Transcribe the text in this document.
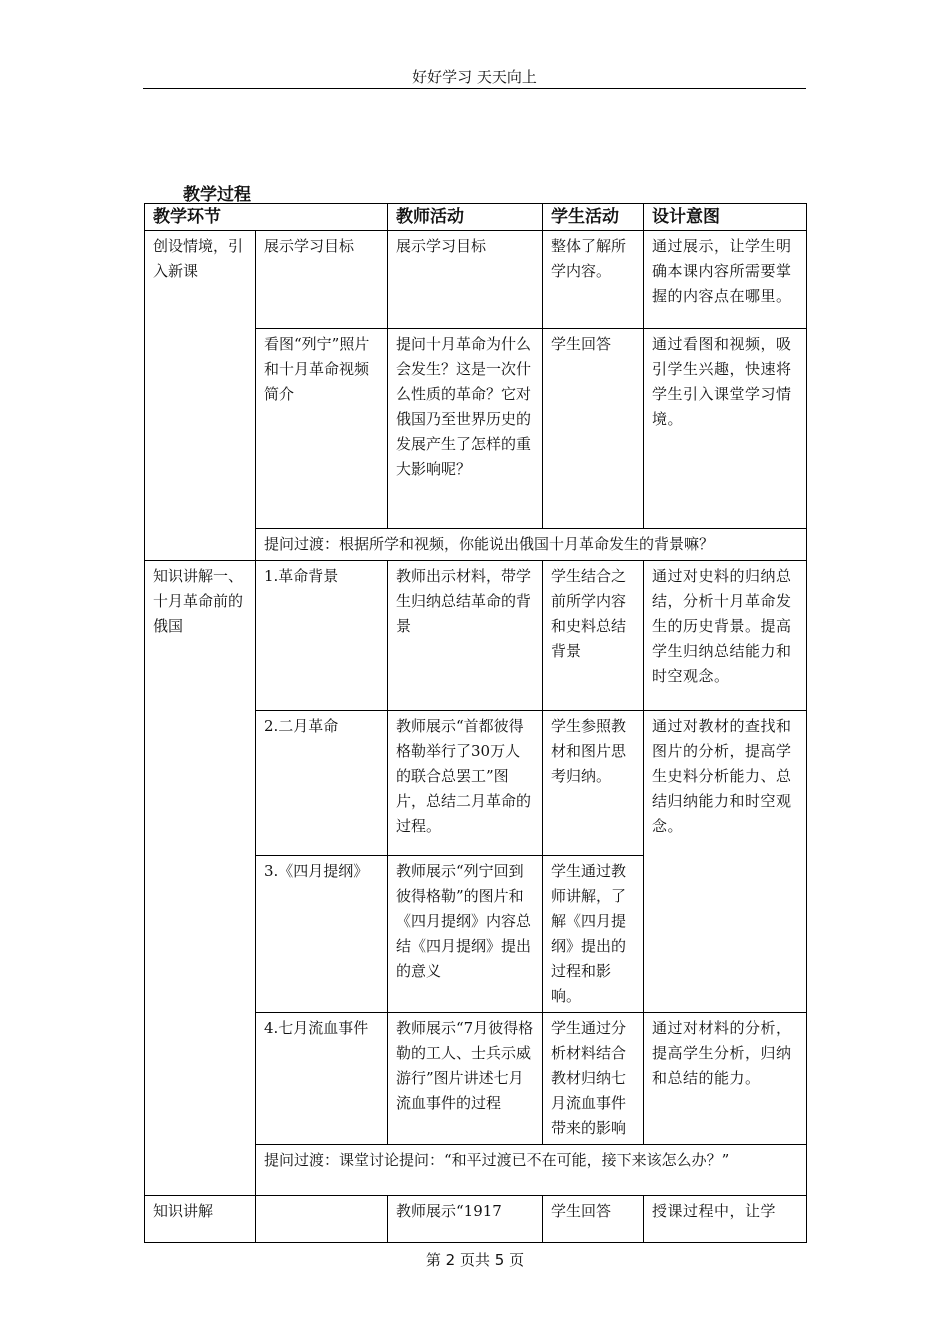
好好学习 天天向上
教学过程
教学环节		教师活动	学生活动	设计意图
创设情境，引入新课	展示学习目标	展示学习目标	整体了解所学内容。	通过展示，让学生明确本课内容所需要掌握的内容点在哪里。
	看图“列宁”照片和十月革命视频简介	提问十月革命为什么会发生？这是一次什么性质的革命？它对俄国乃至世界历史的发展产生了怎样的重大影响呢？	学生回答	通过看图和视频，吸引学生兴趣，快速将学生引入课堂学习情境。
	提问过渡：根据所学和视频，你能说出俄国十月革命发生的背景嘛？			
知识讲解一、十月革命前的俄国	1.革命背景	教师出示材料，带学生归纳总结革命的背景	学生结合之前所学内容和史料总结背景	通过对史料的归纳总结，分析十月革命发生的历史背景。提高学生归纳总结能力和时空观念。
	2.二月革命	教师展示“首都彼得格勒举行了30万人的联合总罢工”图片，总结二月革命的过程。	学生参照教材和图片思考归纳。	通过对教材的查找和图片的分析，提高学生史料分析能力、总结归纳能力和时空观念。
	3.《四月提纲》	教师展示“列宁回到彼得格勒”的图片和《四月提纲》内容总结《四月提纲》提出的意义	学生通过教师讲解，了解《四月提纲》提出的过程和影响。	
	4.七月流血事件	教师展示“7月彼得格勒的工人、士兵示威游行”图片讲述七月流血事件的过程	学生通过分析材料结合教材归纳七月流血事件带来的影响	通过对材料的分析，提高学生分析，归纳和总结的能力。
	提问过渡：课堂讨论提问：“和平过渡已不在可能，接下来该怎么办？”			
知识讲解		教师展示“1917	学生回答	授课过程中，让学
第 2 页共 5 页
